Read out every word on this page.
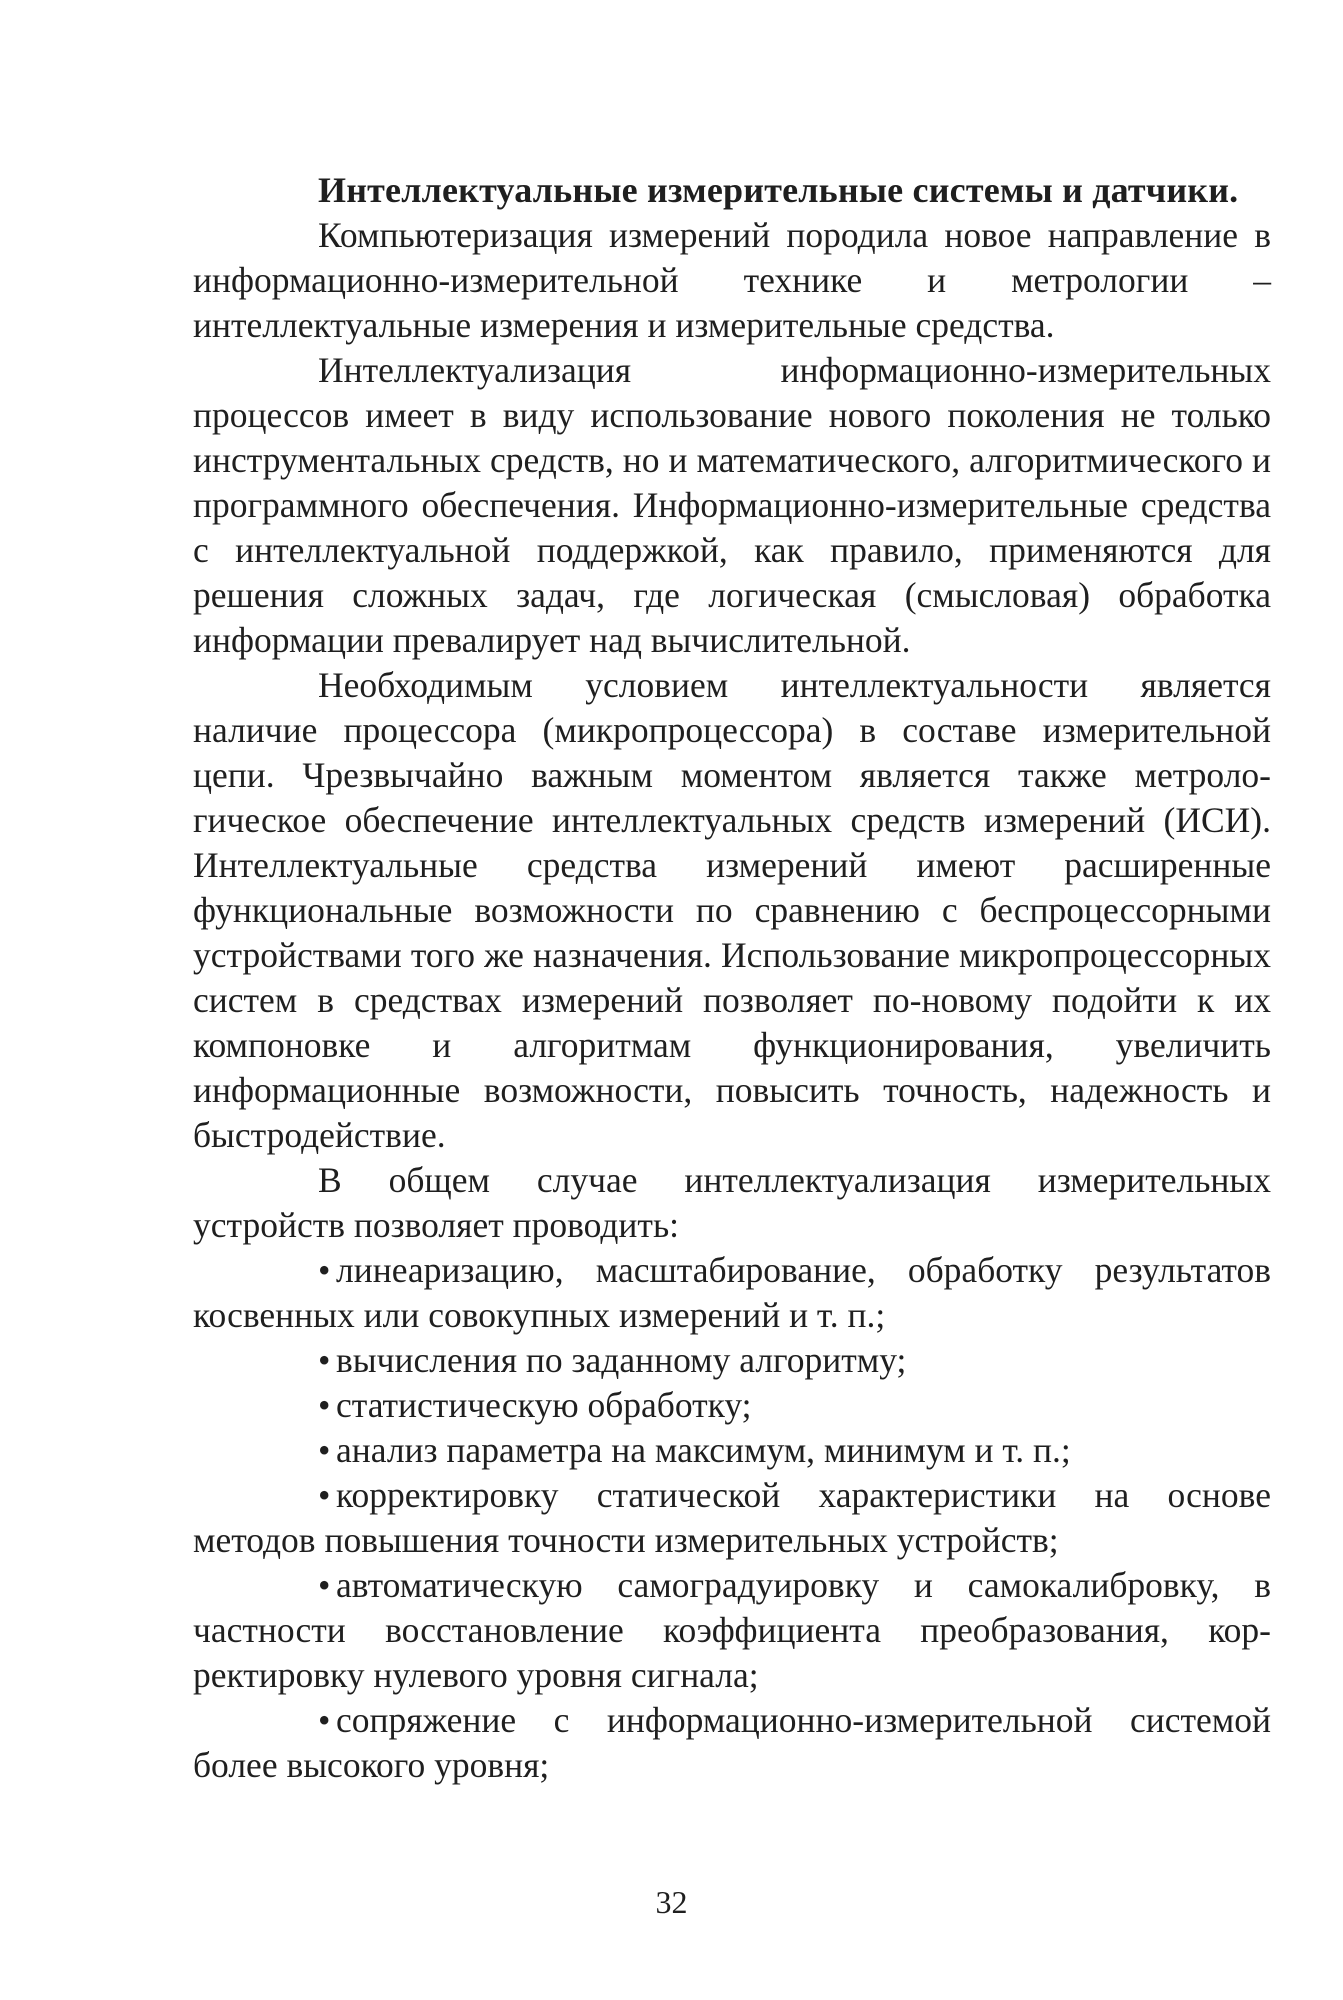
Интеллектуальные измерительные системы и датчики.

Компьютеризация измерений породила новое направление в информационно-измерительной технике и метрологии – интеллектуальные измерения и измерительные средства.

Интеллектуализация информационно-измерительных процессов имеет в виду использование нового поколения не только инструментальных средств, но и математического, алгоритмического и программного обеспечения. Информационно-измерительные средства с интеллектуальной поддержкой, как правило, применяются для решения сложных задач, где логическая (смысловая) обработка информации превалирует над вычислительной.

Необходимым условием интеллектуальности является наличие процессора (микропроцессора) в составе измерительной цепи. Чрезвычайно важным моментом является также метрологическое обеспечение интеллектуальных средств измерений (ИСИ). Интеллектуальные средства измерений имеют расширенные функциональные возможности по сравнению с беспроцессорными устройствами того же назначения. Использование микропроцессорных систем в средствах измерений позволяет по-новому подойти к их компоновке и алгоритмам функционирования, увеличить информационные возможности, повысить точность, надежность и быстродействие.

В общем случае интеллектуализация измерительных устройств позволяет проводить:

• линеаризацию, масштабирование, обработку результатов косвенных или совокупных измерений и т. п.;
• вычисления по заданному алгоритму;
• статистическую обработку;
• анализ параметра на максимум, минимум и т. п.;
• корректировку статической характеристики на основе методов повышения точности измерительных устройств;
• автоматическую самоградуировку и самокалибровку, в частности восстановление коэффициента преобразования, корректировку нулевого уровня сигнала;
• сопряжение с информационно-измерительной системой более высокого уровня;
32
